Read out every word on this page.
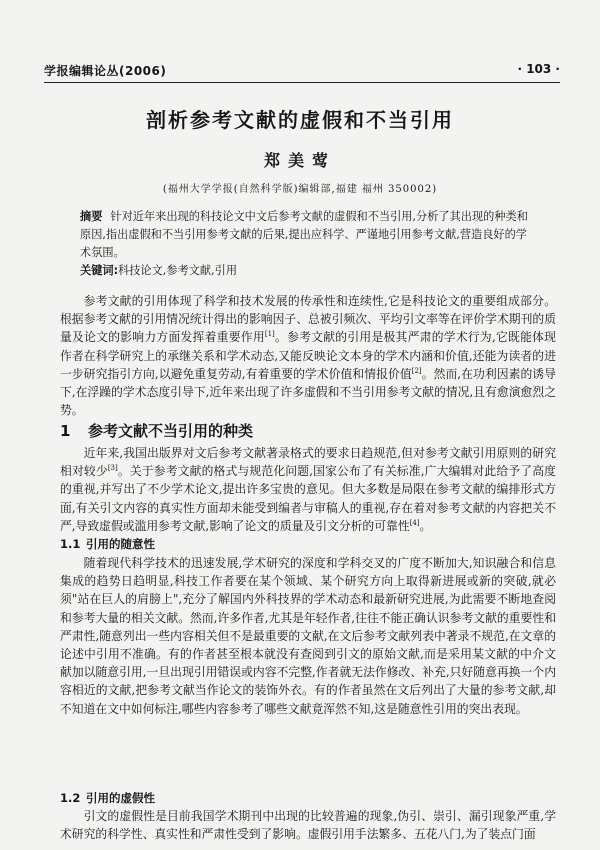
学报编辑论丛(2006)	· 103 ·
剖析参考文献的虚假和不当引用
郑美莺
(福州大学学报(自然科学版)编辑部,福建 福州 350002)
摘要 针对近年来出现的科技论文中文后参考文献的虚假和不当引用,分析了其出现的种类和原因,指出虚假和不当引用参考文献的后果,提出应科学、严谨地引用参考文献,营造良好的学术氛围。
关键词:科技论文,参考文献,引用
参考文献的引用体现了科学和技术发展的传承性和连续性,它是科技论文的重要组成部分。根据参考文献的引用情况统计得出的影响因子、总被引频次、平均引文率等在评价学术期刊的质量及论文的影响力方面发挥着重要作用[1]。参考文献的引用是极其严肃的学术行为,它既能体现作者在科学研究上的承继关系和学术动态,又能反映论文本身的学术内涵和价值,还能为读者的进一步研究指引方向,以避免重复劳动,有着重要的学术价值和情报价值[2]。然而,在功利因素的诱导下,在浮躁的学术态度引导下,近年来出现了许多虚假和不当引用参考文献的情况,且有愈演愈烈之势。
1 参考文献不当引用的种类
近年来,我国出版界对文后参考文献著录格式的要求日趋规范,但对参考文献引用原则的研究相对较少[3]。关于参考文献的格式与规范化问题,国家公布了有关标准,广大编辑对此给予了高度的重视,并写出了不少学术论文,提出许多宝贵的意见。但大多数是局限在参考文献的编排形式方面,有关引文内容的真实性方面却未能受到编者与审稿人的重视,存在着对参考文献的内容把关不严,导致虚假或滥用参考文献,影响了论文的质量及引文分析的可靠性[4]。
1.1 引用的随意性
随着现代科学技术的迅速发展,学术研究的深度和学科交叉的广度不断加大,知识融合和信息集成的趋势日趋明显,科技工作者要在某个领域、某个研究方向上取得新进展或新的突破,就必须"站在巨人的肩膀上",充分了解国内外科技界的学术动态和最新研究进展,为此需要不断地查阅和参考大量的相关文献。然而,许多作者,尤其是年轻作者,往往不能正确认识参考文献的重要性和严肃性,随意列出一些内容相关但不是最重要的文献,在文后参考文献列表中著录不规范,在文章的论述中引用不准确。有的作者甚至根本就没有查阅到引文的原始文献,而是采用某文献的中介文献加以随意引用,一旦出现引用错误或内容不完整,作者就无法作修改、补充,只好随意再换一个内容相近的文献,把参考文献当作论文的装饰外衣。有的作者虽然在文后列出了大量的参考文献,却不知道在文中如何标注,哪些内容参考了哪些文献竟浑然不知,这是随意性引用的突出表现。
1.2 引用的虚假性
引文的虚假性是目前我国学术期刊中出现的比较普遍的现象,伪引、崇引、漏引现象严重,学术研究的科学性、真实性和严肃性受到了影响。虚假引用手法繁多、五花八门,为了装点门面
